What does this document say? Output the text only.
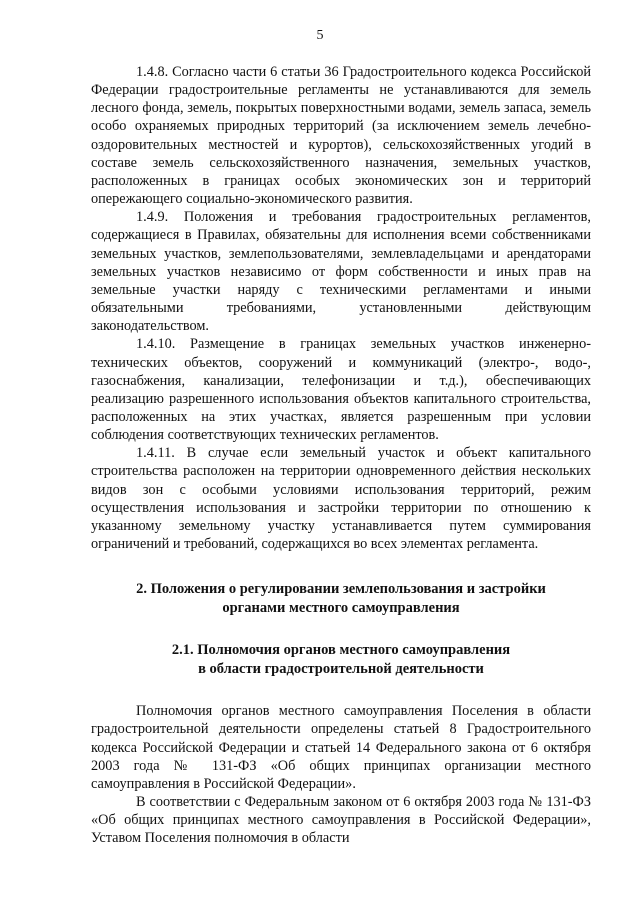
5

1.4.8. Согласно части 6 статьи 36 Градостроительного кодекса Российской Федерации градостроительные регламенты не устанавливаются для земель лесного фонда, земель, покрытых поверхностными водами, земель запаса, земель особо охраняемых природных территорий (за исключением земель лечебно-оздоровительных местностей и курортов), сельскохозяйственных угодий в составе земель сельскохозяйственного назначения, земельных участков, расположенных в границах особых экономических зон и территорий опережающего социально-экономического развития.

1.4.9. Положения и требования градостроительных регламентов, содержащиеся в Правилах, обязательны для исполнения всеми собственниками земельных участков, землепользователями, землевладельцами и арендаторами земельных участков независимо от форм собственности и иных прав на земельные участки наряду с техническими регламентами и иными обязательными требованиями, установленными действующим законодательством.

1.4.10. Размещение в границах земельных участков инженерно-технических объектов, сооружений и коммуникаций (электро-, водо-, газоснабжения, канализации, телефонизации и т.д.), обеспечивающих реализацию разрешенного использования объектов капитального строительства, расположенных на этих участках, является разрешенным при условии соблюдения соответствующих технических регламентов.

1.4.11. В случае если земельный участок и объект капитального строительства расположен на территории одновременного действия нескольких видов зон с особыми условиями использования территорий, режим осуществления использования и застройки территории по отношению к указанному земельному участку устанавливается путем суммирования ограничений и требований, содержащихся во всех элементах регламента.

2. Положения о регулировании землепользования и застройки
органами местного самоуправления
2.1. Полномочия органов местного самоуправления
в области градостроительной деятельности

Полномочия органов местного самоуправления Поселения в области градостроительной деятельности определены статьей 8 Градостроительного кодекса Российской Федерации и статьей 14 Федерального закона от 6 октября 2003 года № 131-ФЗ «Об общих принципах организации местного самоуправления в Российской Федерации».

В соответствии с Федеральным законом от 6 октября 2003 года № 131-ФЗ «Об общих принципах местного самоуправления в Российской Федерации», Уставом Поселения полномочия в области
